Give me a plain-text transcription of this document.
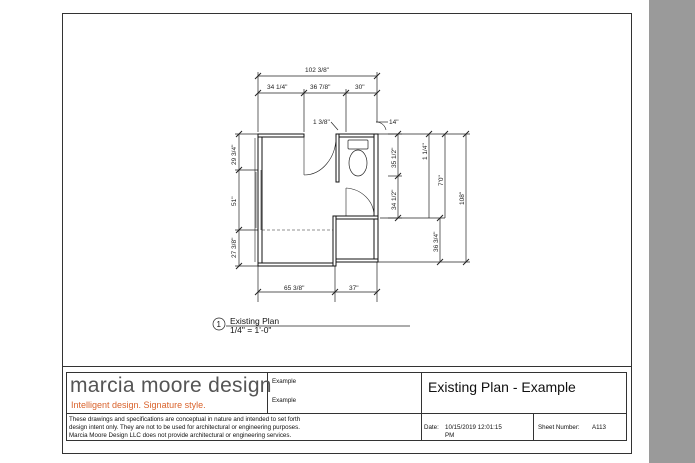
102 3/8"
34 1/4"	36 7/8"	30"
1 3/8"	14"
65 3/8"	37"
29 3/4"
51"
27 3/8"
35 1/2"
34 1/2"
1 1/4"
7'0"
108"
36 3/4"
1 Existing Plan
1/4" = 1'-0"
marcia moore design
Intelligent design. Signature style.
Example
Example
Existing Plan - Example
These drawings and specifications are conceptual in nature and intended to set forth
design intent only. They are not to be used for architectural or engineering purposes.
Marcia Moore Design LLC does not provide architectural or engineering services.
Date: 10/15/2019 12:01:15
PM
Sheet Number: A113
